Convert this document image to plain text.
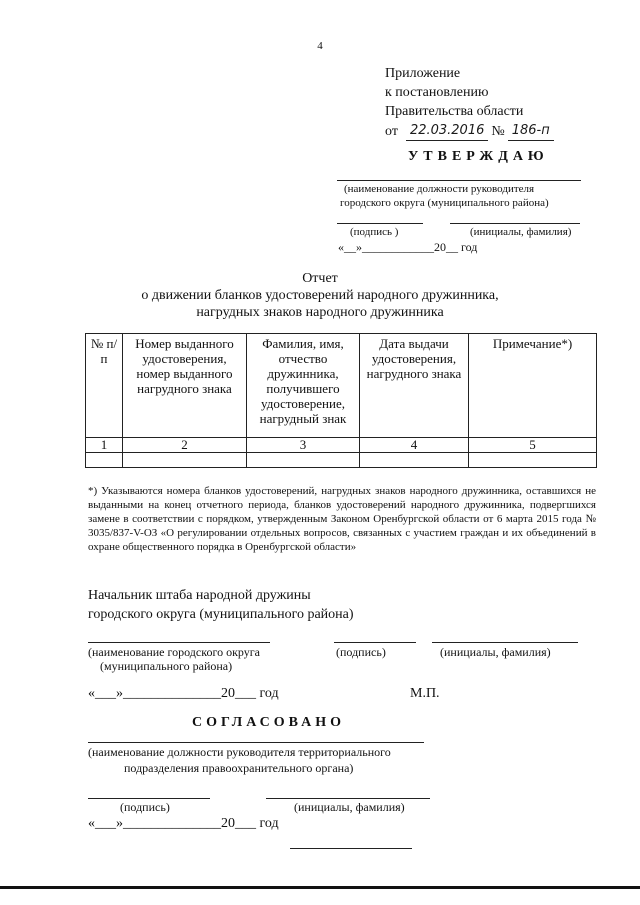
4
Приложение
к постановлению
Правительства области
от 22.03.2016 № 186-п
УТВЕРЖДАЮ
(наименование должности руководителя
городского округа (муниципального района)
(подпись )	(инициалы, фамилия)
«__»____________20__ год
Отчет
о движении бланков удостоверений народного дружинника,
нагрудных знаков народного дружинника
№ п/п	Номер выданного удостоверения, номер выданного нагрудного знака	Фамилия, имя, отчество дружинника, получившего удостоверение, нагрудный знак	Дата выдачи удостоверения, нагрудного знака	Примечание*)
1	2	3	4	5

*) Указываются номера бланков удостоверений, нагрудных знаков народного дружинника, оставшихся не выданными на конец отчетного периода, бланков удостоверений народного дружинника, подвергшихся замене в соответствии с порядком, утвержденным Законом Оренбургской области от 6 марта 2015 года № 3035/837-V-ОЗ «О регулировании отдельных вопросов, связанных с участием граждан и их объединений в охране общественного порядка в Оренбургской области»
Начальник штаба народной дружины
городского округа (муниципального района)
(наименование городского округа
(муниципального района)
(подпись)	(инициалы, фамилия)
«___»______________20___ год	М.П.
СОГЛАСОВАНО
(наименование должности руководителя территориального
подразделения правоохранительного органа)
(подпись)	(инициалы, фамилия)
«___»______________20___ год
